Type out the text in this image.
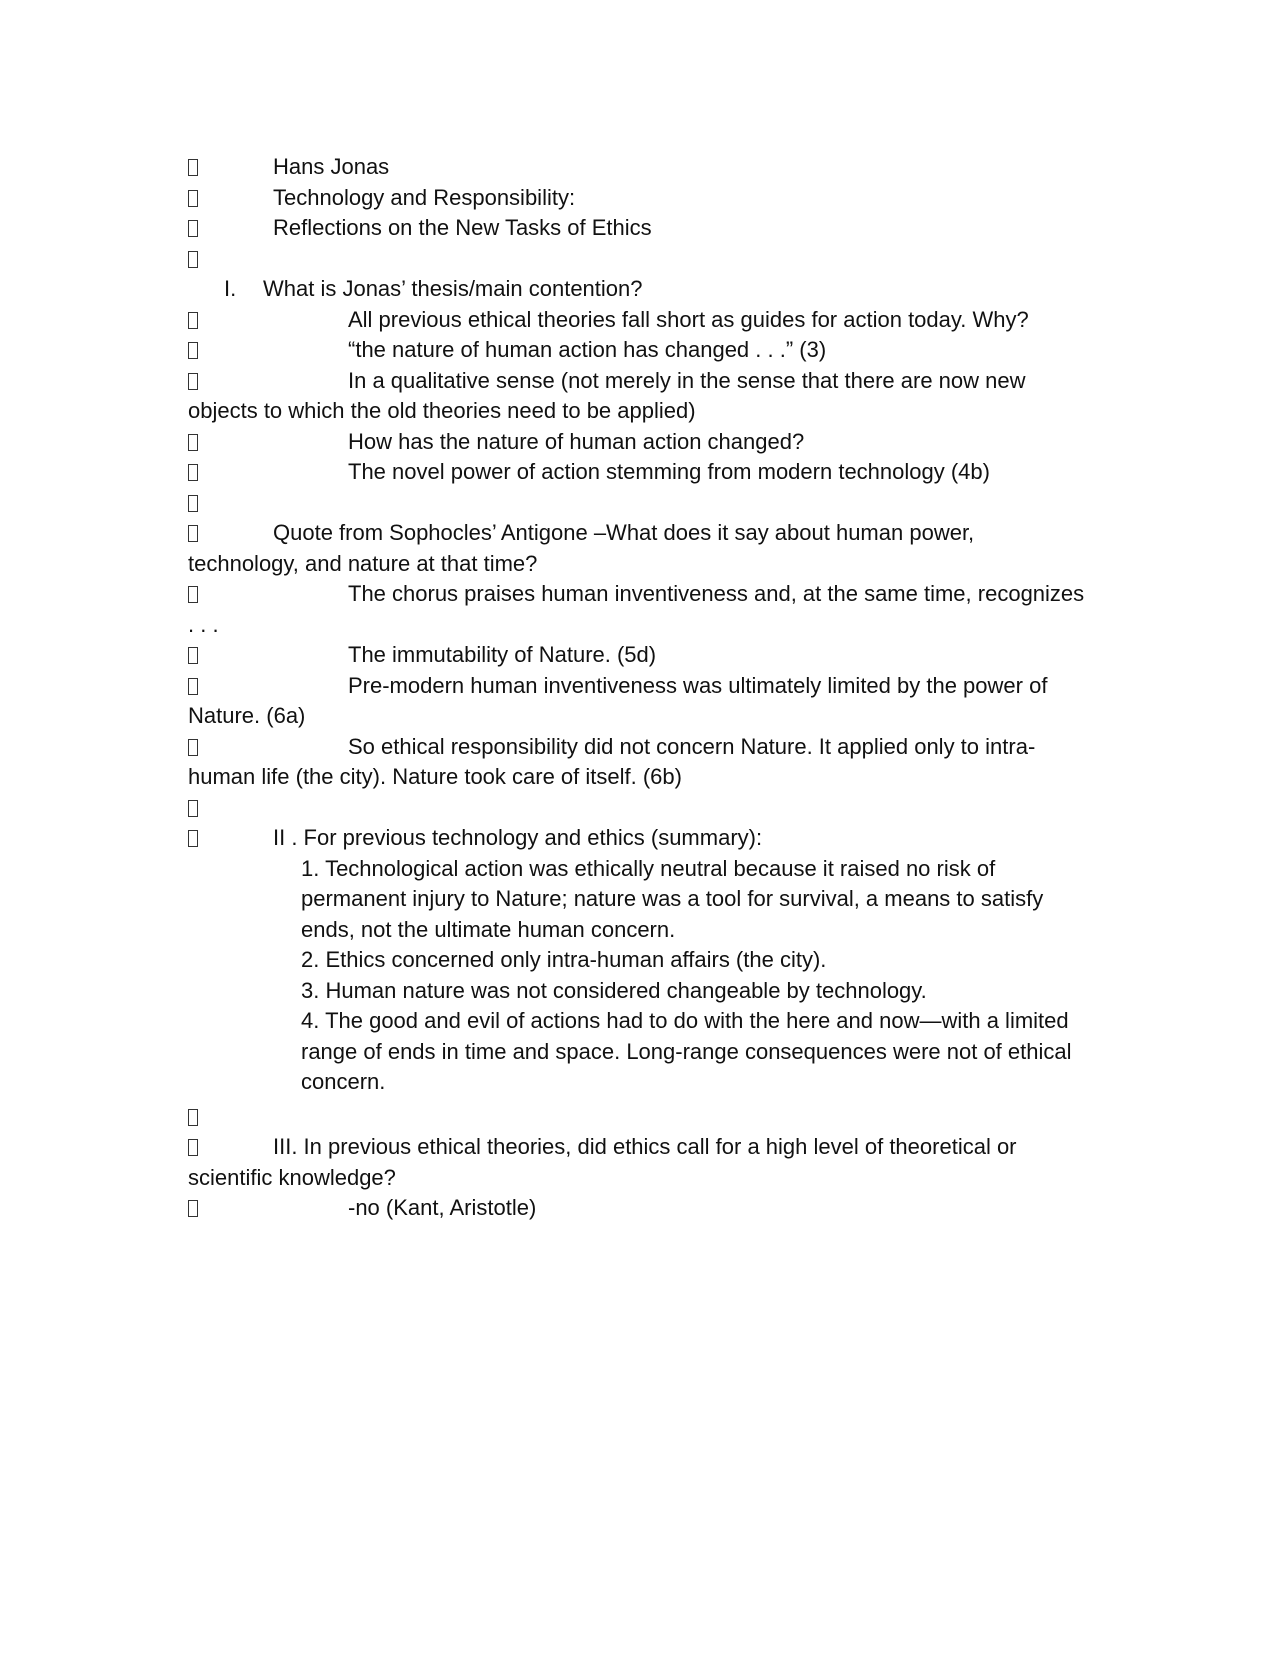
Hans Jonas
Technology and Responsibility:
Reflections on the New Tasks of Ethics
I. What is Jonas’ thesis/main contention?
All previous ethical theories fall short as guides for action today. Why?
“the nature of human action has changed . . .” (3)
In a qualitative sense (not merely in the sense that there are now new objects to which the old theories need to be applied)
How has the nature of human action changed?
The novel power of action stemming from modern technology (4b)
Quote from Sophocles’ Antigone –What does it say about human power, technology, and nature at that time?
The chorus praises human inventiveness and, at the same time, recognizes . . .
The immutability of Nature. (5d)
Pre-modern human inventiveness was ultimately limited by the power of Nature. (6a)
So ethical responsibility did not concern Nature. It applied only to intra-human life (the city). Nature took care of itself. (6b)
II . For previous technology and ethics (summary):
1. Technological action was ethically neutral because it raised no risk of permanent injury to Nature; nature was a tool for survival, a means to satisfy ends, not the ultimate human concern.
2. Ethics concerned only intra-human affairs (the city).
3. Human nature was not considered changeable by technology.
4. The good and evil of actions had to do with the here and now—with a limited range of ends in time and space. Long-range consequences were not of ethical concern.
III. In previous ethical theories, did ethics call for a high level of theoretical or scientific knowledge?
-no (Kant, Aristotle)
